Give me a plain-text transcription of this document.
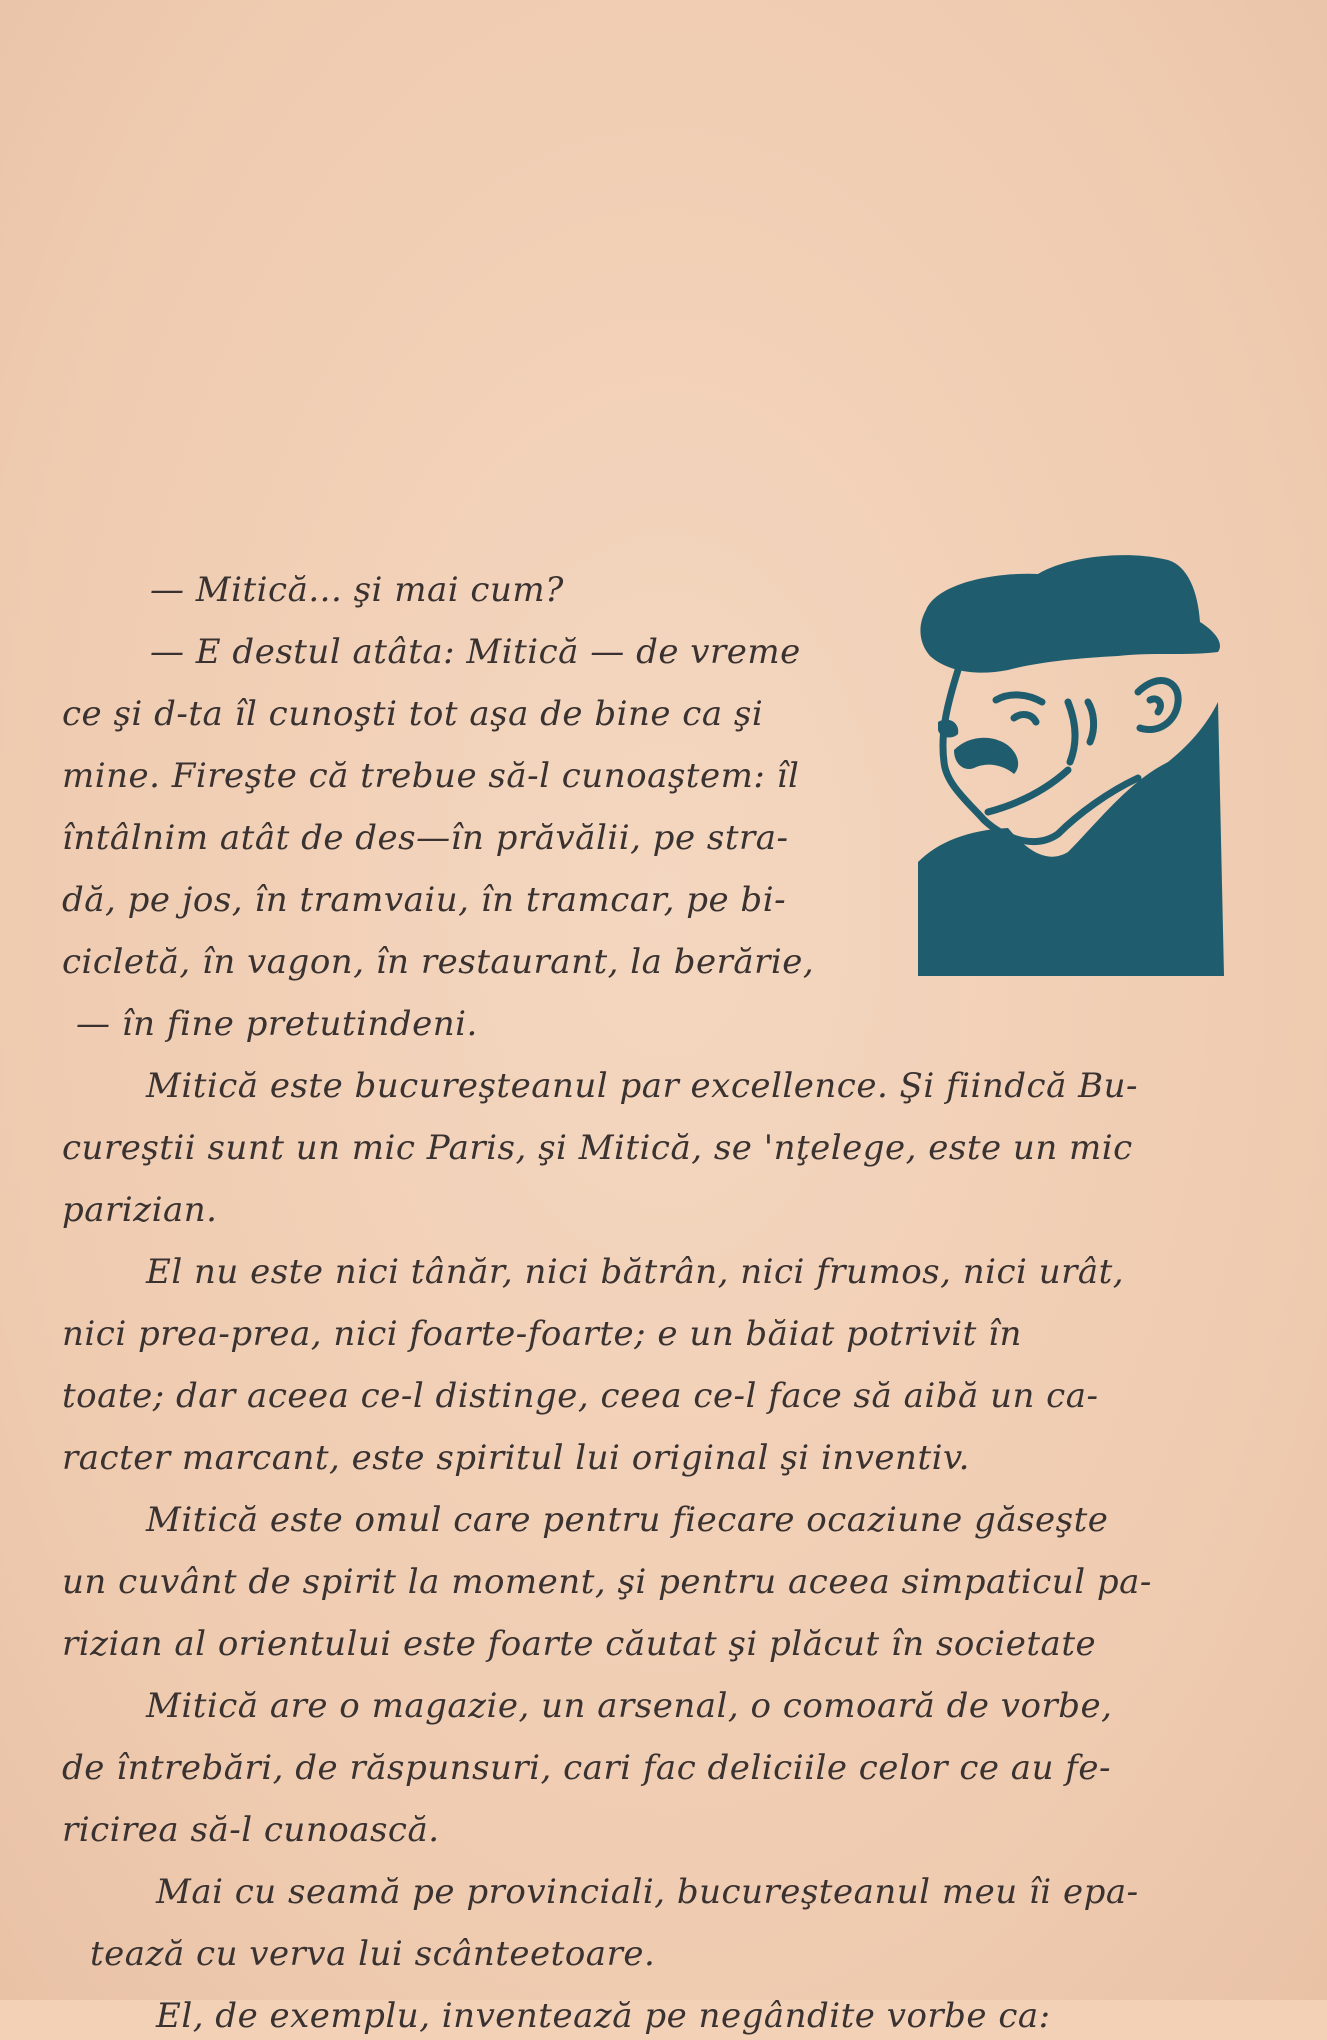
— Mitică... şi mai cum?
— E destul atâta: Mitică — de vreme
ce şi d-ta îl cunoşti tot aşa de bine ca şi
mine. Fireşte că trebue să-l cunoaştem: îl
întâlnim atât de des—în prăvălii, pe stra-
dă, pe jos, în tramvaiu, în tramcar, pe bi-
cicletă, în vagon, în restaurant, la berărie,
— în fine pretutindeni.
Mitică este bucureşteanul par excellence. Şi fiindcă Bu-
cureştii sunt un mic Paris, şi Mitică, se 'nţelege, este un mic
parizian.
El nu este nici tânăr, nici bătrân, nici frumos, nici urât,
nici prea-prea, nici foarte-foarte; e un băiat potrivit în
toate; dar aceea ce-l distinge, ceea ce-l face să aibă un ca-
racter marcant, este spiritul lui original şi inventiv.
Mitică este omul care pentru fiecare ocaziune găseşte
un cuvânt de spirit la moment, şi pentru aceea simpaticul pa-
rizian al orientului este foarte căutat şi plăcut în societate
Mitică are o magazie, un arsenal, o comoară de vorbe,
de întrebări, de răspunsuri, cari fac deliciile celor ce au fe-
ricirea să-l cunoască.
Mai cu seamă pe provinciali, bucureşteanul meu îi epa-
tează cu verva lui scânteetoare.
El, de exemplu, inventează pe negândite vorbe ca:
